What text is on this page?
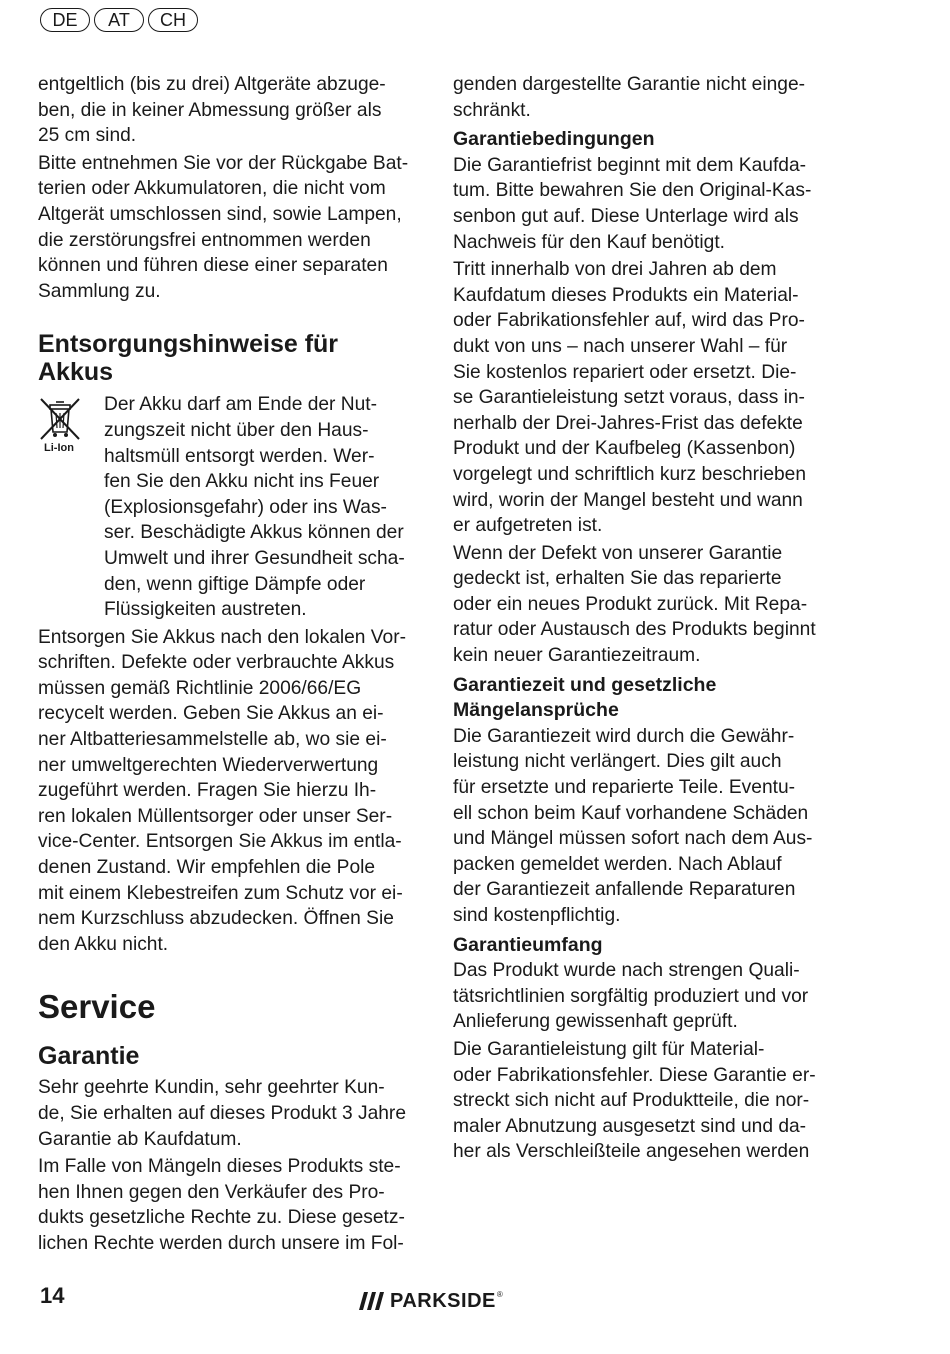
DE	AT	CH

entgeltlich (bis zu drei) Altgeräte abzuge-
ben, die in keiner Abmessung größer als
25 cm sind.

Bitte entnehmen Sie vor der Rückgabe Bat-
terien oder Akkumulatoren, die nicht vom
Altgerät umschlossen sind, sowie Lampen,
die zerstörungsfrei entnommen werden
können und führen diese einer separaten
Sammlung zu.

Entsorgungshinweise für
Akkus
Li-Ion

Der Akku darf am Ende der Nut-
zungszeit nicht über den Haus-
haltsmüll entsorgt werden. Wer-
fen Sie den Akku nicht ins Feuer
(Explosionsgefahr) oder ins Was-
ser. Beschädigte Akkus können der
Umwelt und ihrer Gesundheit scha-
den, wenn giftige Dämpfe oder
Flüssigkeiten austreten.

Entsorgen Sie Akkus nach den lokalen Vor-
schriften. Defekte oder verbrauchte Akkus
müssen gemäß Richtlinie 2006/66/EG
recycelt werden. Geben Sie Akkus an ei-
ner Altbatteriesammelstelle ab, wo sie ei-
ner umweltgerechten Wiederverwertung
zugeführt werden. Fragen Sie hierzu Ih-
ren lokalen Müllentsorger oder unser Ser-
vice-Center. Entsorgen Sie Akkus im entla-
denen Zustand. Wir empfehlen die Pole
mit einem Klebestreifen zum Schutz vor ei-
nem Kurzschluss abzudecken. Öffnen Sie
den Akku nicht.

Service
Garantie

Sehr geehrte Kundin, sehr geehrter Kun-
de, Sie erhalten auf dieses Produkt 3 Jahre
Garantie ab Kaufdatum.

Im Falle von Mängeln dieses Produkts ste-
hen Ihnen gegen den Verkäufer des Pro-
dukts gesetzliche Rechte zu. Diese gesetz-
lichen Rechte werden durch unsere im Fol-

genden dargestellte Garantie nicht einge-
schränkt.

Garantiebedingungen

Die Garantiefrist beginnt mit dem Kaufda-
tum. Bitte bewahren Sie den Original-Kas-
senbon gut auf. Diese Unterlage wird als
Nachweis für den Kauf benötigt.

Tritt innerhalb von drei Jahren ab dem
Kaufdatum dieses Produkts ein Material-
oder Fabrikationsfehler auf, wird das Pro-
dukt von uns – nach unserer Wahl – für
Sie kostenlos repariert oder ersetzt. Die-
se Garantieleistung setzt voraus, dass in-
nerhalb der Drei-Jahres-Frist das defekte
Produkt und der Kaufbeleg (Kassenbon)
vorgelegt und schriftlich kurz beschrieben
wird, worin der Mangel besteht und wann
er aufgetreten ist.

Wenn der Defekt von unserer Garantie
gedeckt ist, erhalten Sie das reparierte
oder ein neues Produkt zurück. Mit Repa-
ratur oder Austausch des Produkts beginnt
kein neuer Garantiezeitraum.

Garantiezeit und gesetzliche
Mängelansprüche

Die Garantiezeit wird durch die Gewähr-
leistung nicht verlängert. Dies gilt auch
für ersetzte und reparierte Teile. Eventu-
ell schon beim Kauf vorhandene Schäden
und Mängel müssen sofort nach dem Aus-
packen gemeldet werden. Nach Ablauf
der Garantiezeit anfallende Reparaturen
sind kostenpflichtig.

Garantieumfang

Das Produkt wurde nach strengen Quali-
tätsrichtlinien sorgfältig produziert und vor
Anlieferung gewissenhaft geprüft.

Die Garantieleistung gilt für Material-
oder Fabrikationsfehler. Diese Garantie er-
streckt sich nicht auf Produktteile, die nor-
maler Abnutzung ausgesetzt sind und da-
her als Verschleißteile angesehen werden

14	PARKSIDE ®
